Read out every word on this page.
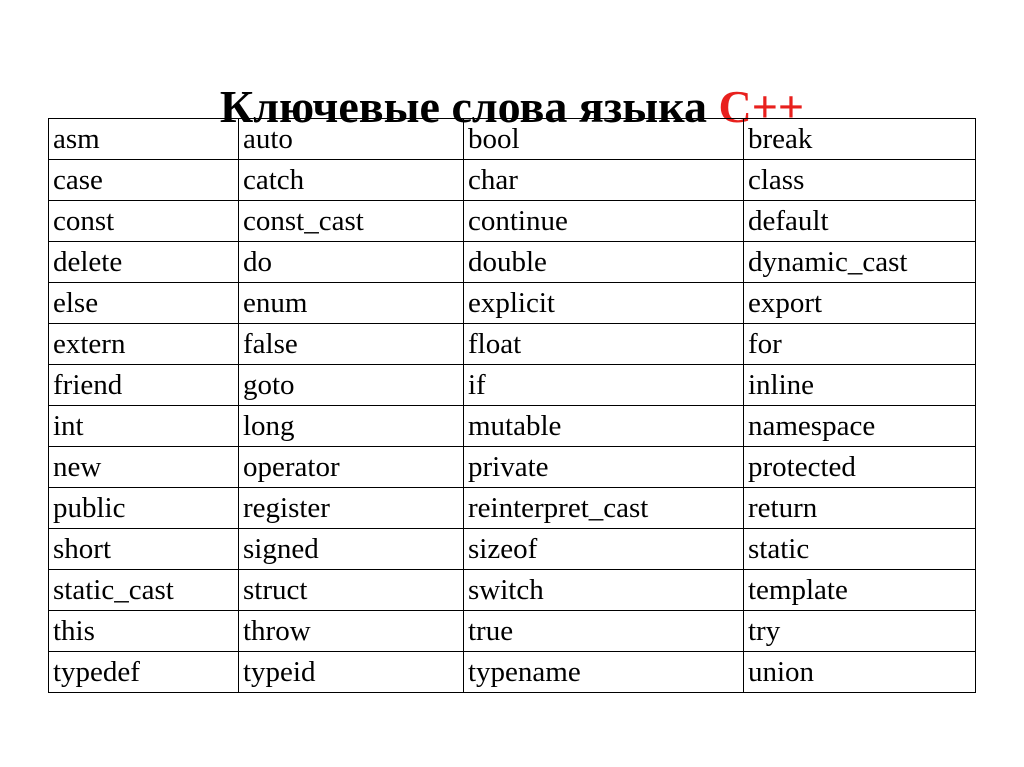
Ключевые слова языка C++
asm	auto	bool	break
case	catch	char	class
const	const_cast	continue	default
delete	do	double	dynamic_cast
else	enum	explicit	export
extern	false	float	for
friend	goto	if	inline
int	long	mutable	namespace
new	operator	private	protected
public	register	reinterpret_cast	return
short	signed	sizeof	static
static_cast	struct	switch	template
this	throw	true	try
typedef	typeid	typename	union
